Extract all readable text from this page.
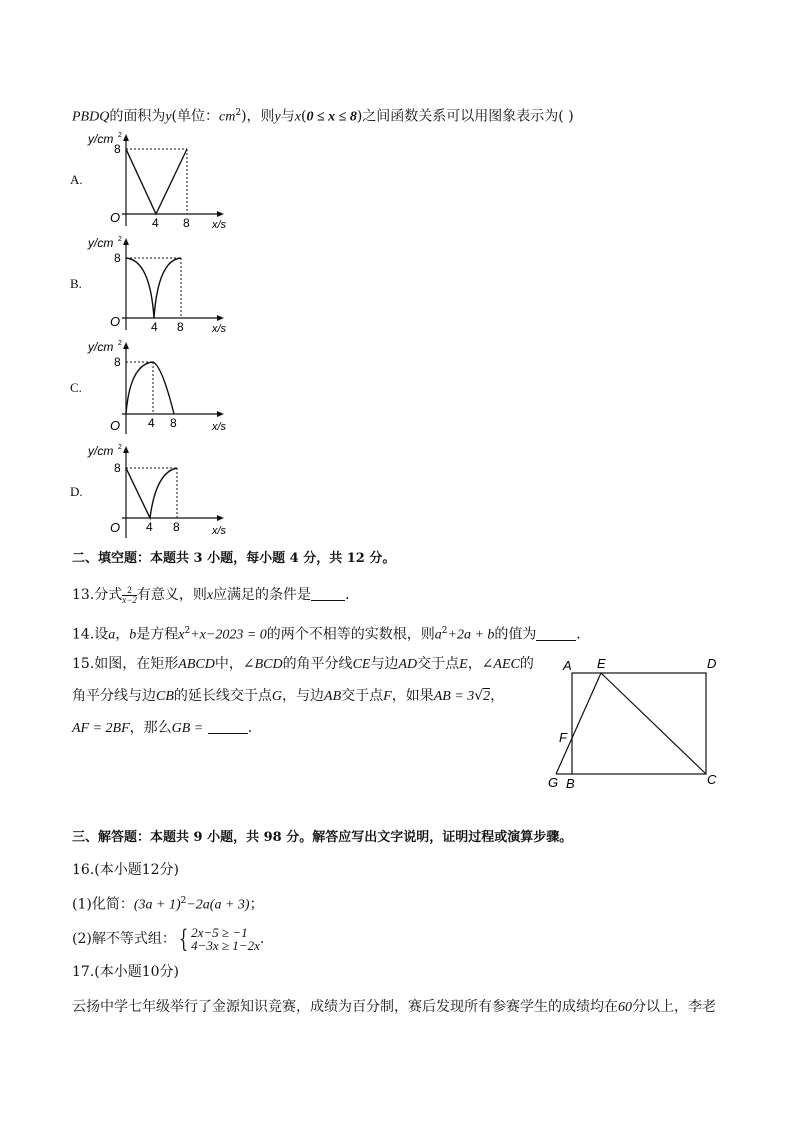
PBDQ的面积为y(单位：$cm^2$)，则y与x(0 ≤ x ≤ 8)之间函数关系可以用图象表示为( )
A.
y/cm 2
8
O	4 8 x/s
B.
y/cm 2
8
O	4 8	x/s
C.
y/cm 2
8
O 4 8	x/s
D.
y/cm 2
8
O 4 8	x/s
二、填空题：本题共 3 小题，每小题 4 分，共 12 分。
13.分式 $\frac{2}{x-2}$ 有意义，则x应满足的条件是 ．
14.设a，b是方程$x^2+x-2023 = 0$的两个不相等的实数根，则$a^2+2a + b$的值为	．
15.如图，在矩形ABCD中，∠BCD的角平分线CE与边AD交于点E，∠AEC的
角平分线与边CB的延长线交于点G，与边AB交于点F，如果AB = 3√2，
AF = 2BF，那么GB =	．
A E	D
F
G B	C
三、解答题：本题共 9 小题，共 98 分。解答应写出文字说明，证明过程或演算步骤。
16.(本小题12分)
(1)化简：$(3a + 1)^2-2a(a + 3)$；
(2)解不等式组： { 2x−5 ≥ −1
4−3x ≥ 1−2x .
17.(本小题10分)
云扬中学七年级举行了金源知识竞赛，成绩为百分制，赛后发现所有参赛学生的成绩均在60分以上，李老
